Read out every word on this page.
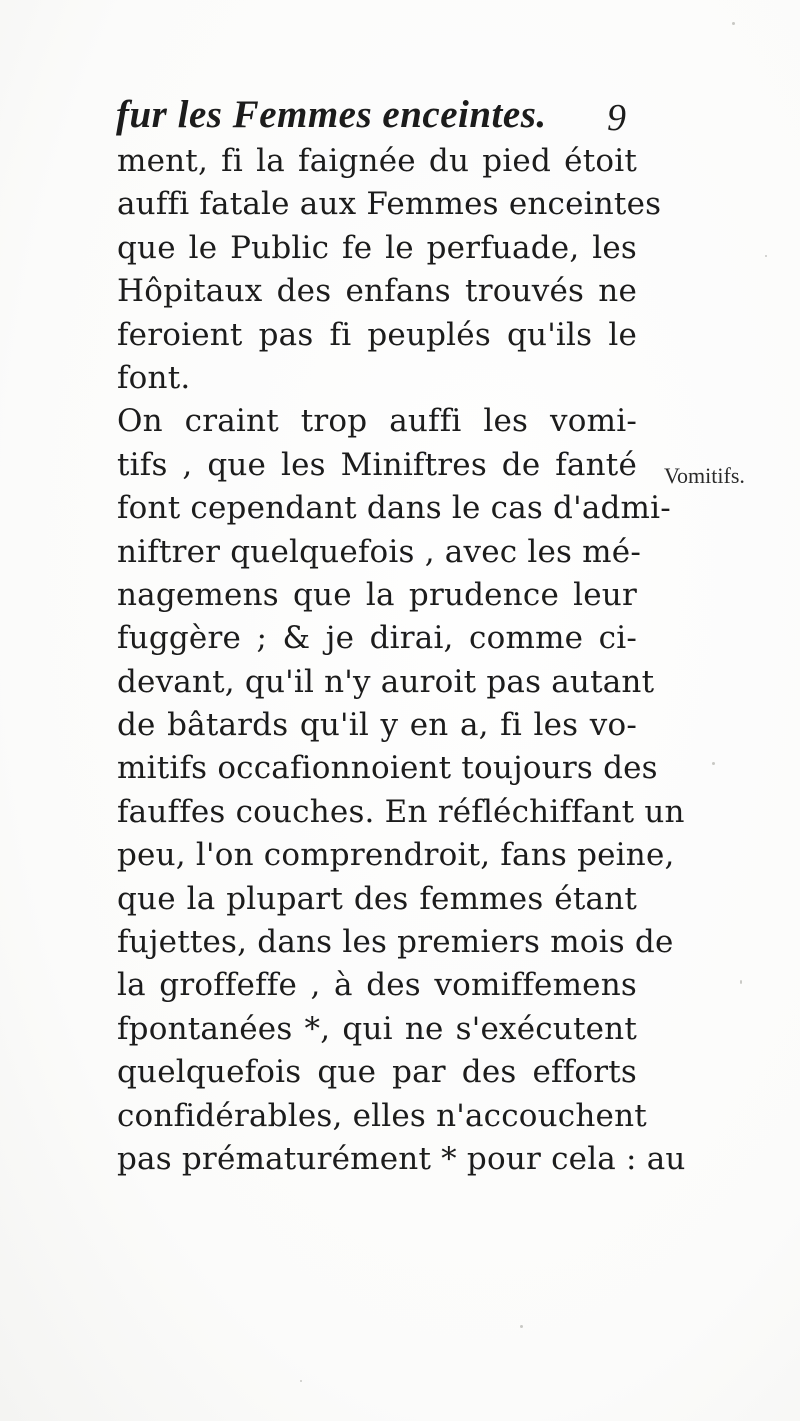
fur les Femmes enceintes. 9
ment, fi la faignée du pied étoit
auffi fatale aux Femmes enceintes
que le Public fe le perfuade, les
Hôpitaux des enfans trouvés ne
feroient pas fi peuplés qu'ils le
font.
On craint trop auffi les vomi-
tifs , que les Miniftres de fanté
font cependant dans le cas d'admi-
niftrer quelquefois , avec les mé-
nagemens que la prudence leur
fuggère ; & je dirai, comme ci-
devant, qu'il n'y auroit pas autant
de bâtards qu'il y en a, fi les vo-
mitifs occafionnoient toujours des
fauffes couches. En réfléchiffant un
peu, l'on comprendroit, fans peine,
que la plupart des femmes étant
fujettes, dans les premiers mois de
la groffeffe , à des vomiffemens
fpontanées *, qui ne s'exécutent
quelquefois que par des efforts
confidérables, elles n'accouchent
pas prématurément * pour cela : au
Vomitifs.
